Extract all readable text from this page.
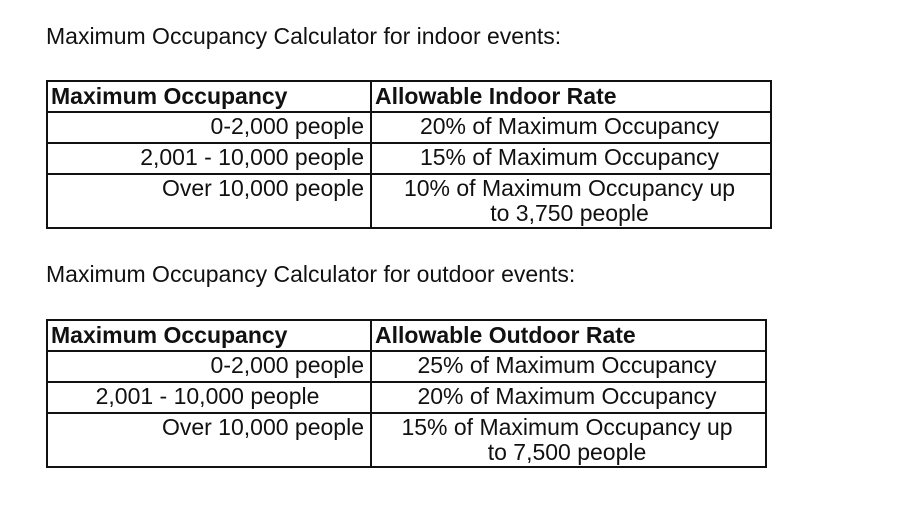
Maximum Occupancy Calculator for indoor events:
Maximum Occupancy	Allowable Indoor Rate
0-2,000 people	20% of Maximum Occupancy
2,001 - 10,000 people	15% of Maximum Occupancy
Over 10,000 people	10% of Maximum Occupancy up
to 3,750 people
Maximum Occupancy Calculator for outdoor events:
Maximum Occupancy	Allowable Outdoor Rate
0-2,000 people	25% of Maximum Occupancy
2,001 - 10,000 people	20% of Maximum Occupancy
Over 10,000 people	15% of Maximum Occupancy up
to 7,500 people
